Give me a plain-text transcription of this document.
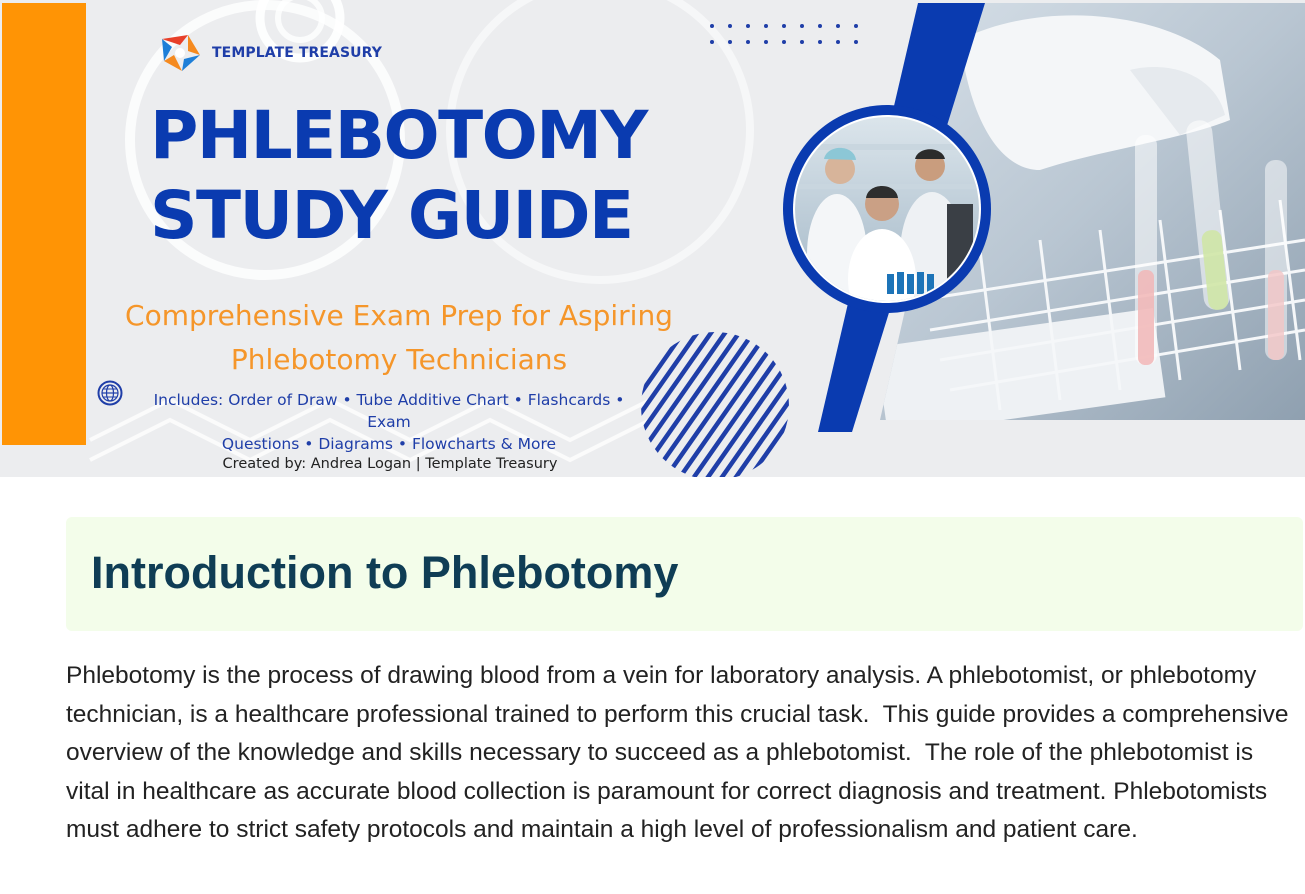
TEMPLATE TREASURY
PHLEBOTOMY
STUDY GUIDE
Comprehensive Exam Prep for Aspiring
Phlebotomy Technicians
Includes: Order of Draw • Tube Additive Chart • Flashcards • Exam
Questions • Diagrams • Flowcharts & More
Created by: Andrea Logan | Template Treasury
Introduction to Phlebotomy

Phlebotomy is the process of drawing blood from a vein for laboratory analysis. A phlebotomist, or phlebotomy technician, is a healthcare professional trained to perform this crucial task.  This guide provides a comprehensive overview of the knowledge and skills necessary to succeed as a phlebotomist.  The role of the phlebotomist is vital in healthcare as accurate blood collection is paramount for correct diagnosis and treatment. Phlebotomists must adhere to strict safety protocols and maintain a high level of professionalism and patient care.
